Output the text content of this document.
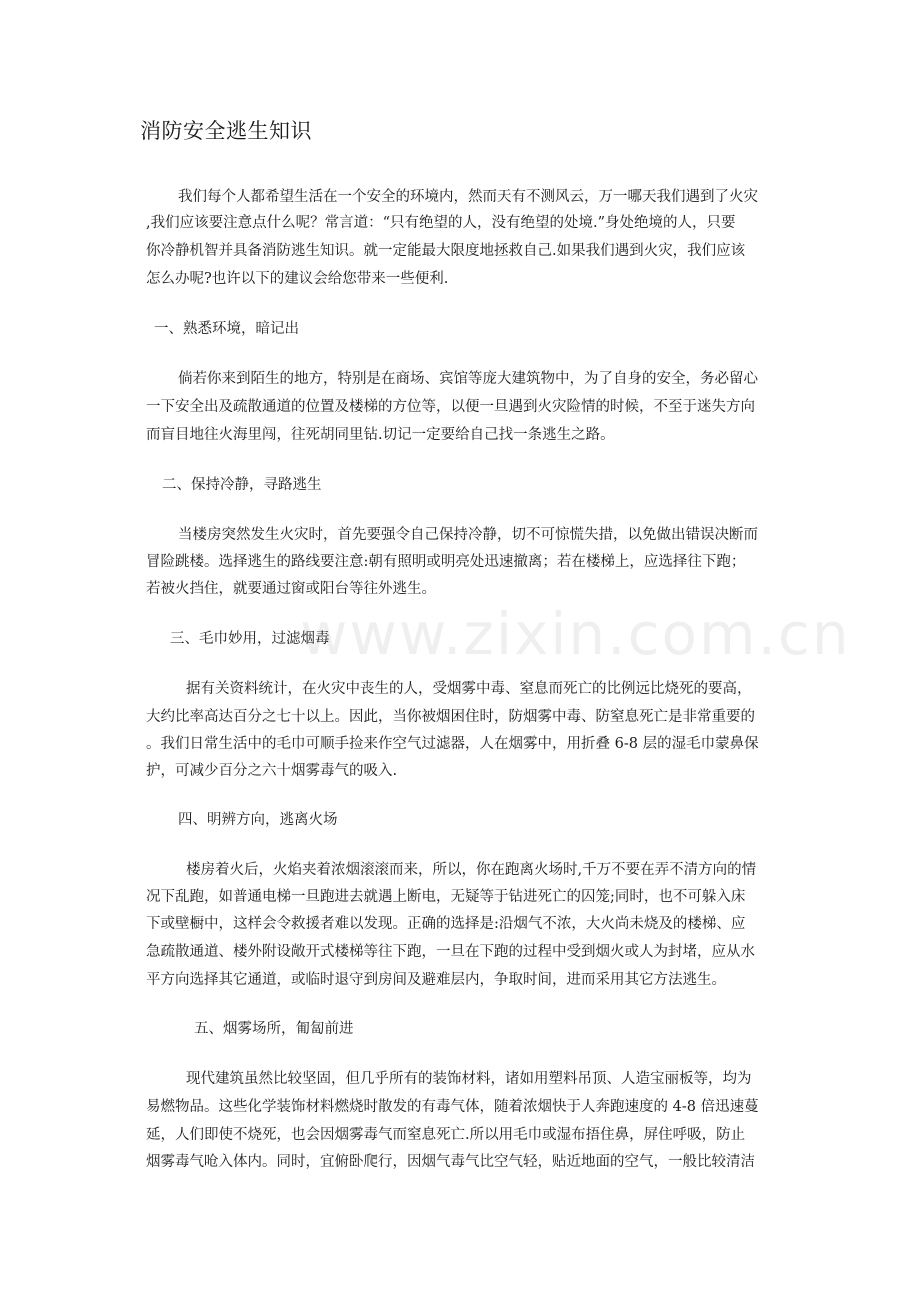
www.zixin.com.cn
消防安全逃生知识
我们每个人都希望生活在一个安全的环境内，然而天有不测风云，万一哪天我们遇到了火灾
,我们应该要注意点什么呢？常言道：“只有绝望的人，没有绝望的处境.”身处绝境的人，只要
你冷静机智并具备消防逃生知识。就一定能最大限度地拯救自己.如果我们遇到火灾，我们应该
怎么办呢?也许以下的建议会给您带来一些便利.
一、熟悉环境，暗记出
倘若你来到陌生的地方，特别是在商场、宾馆等庞大建筑物中，为了自身的安全，务必留心
一下安全出及疏散通道的位置及楼梯的方位等，以便一旦遇到火灾险情的时候，不至于迷失方向
而盲目地往火海里闯，往死胡同里钻.切记一定要给自己找一条逃生之路。
二、保持冷静，寻路逃生
当楼房突然发生火灾时，首先要强令自己保持冷静，切不可惊慌失措，以免做出错误决断而
冒险跳楼。选择逃生的路线要注意:朝有照明或明亮处迅速撤离；若在楼梯上，应选择往下跑；
若被火挡住，就要通过窗或阳台等往外逃生。
三、毛巾妙用，过滤烟毒
据有关资料统计，在火灾中丧生的人，受烟雾中毒、窒息而死亡的比例远比烧死的要高，
大约比率高达百分之七十以上。因此，当你被烟困住时，防烟雾中毒、防窒息死亡是非常重要的
。我们日常生活中的毛巾可顺手捡来作空气过滤器，人在烟雾中，用折叠 6-8 层的湿毛巾蒙鼻保
护，可减少百分之六十烟雾毒气的吸入.
四、明辨方向，逃离火场
楼房着火后，火焰夹着浓烟滚滚而来，所以，你在跑离火场时,千万不要在弄不清方向的情
况下乱跑，如普通电梯一旦跑进去就遇上断电，无疑等于钻进死亡的囚笼;同时，也不可躲入床
下或壁橱中，这样会令救援者难以发现。正确的选择是:沿烟气不浓，大火尚未烧及的楼梯、应
急疏散通道、楼外附设敞开式楼梯等往下跑，一旦在下跑的过程中受到烟火或人为封堵，应从水
平方向选择其它通道，或临时退守到房间及避难层内，争取时间，进而采用其它方法逃生。
五、烟雾场所，匍匐前进
现代建筑虽然比较坚固，但几乎所有的装饰材料，诸如用塑料吊顶、人造宝丽板等，均为
易燃物品。这些化学装饰材料燃烧时散发的有毒气体，随着浓烟快于人奔跑速度的 4-8 倍迅速蔓
延，人们即使不烧死，也会因烟雾毒气而窒息死亡.所以用毛巾或湿布捂住鼻，屏住呼吸，防止
烟雾毒气呛入体内。同时，宜俯卧爬行，因烟气毒气比空气轻，贴近地面的空气，一般比较清洁
